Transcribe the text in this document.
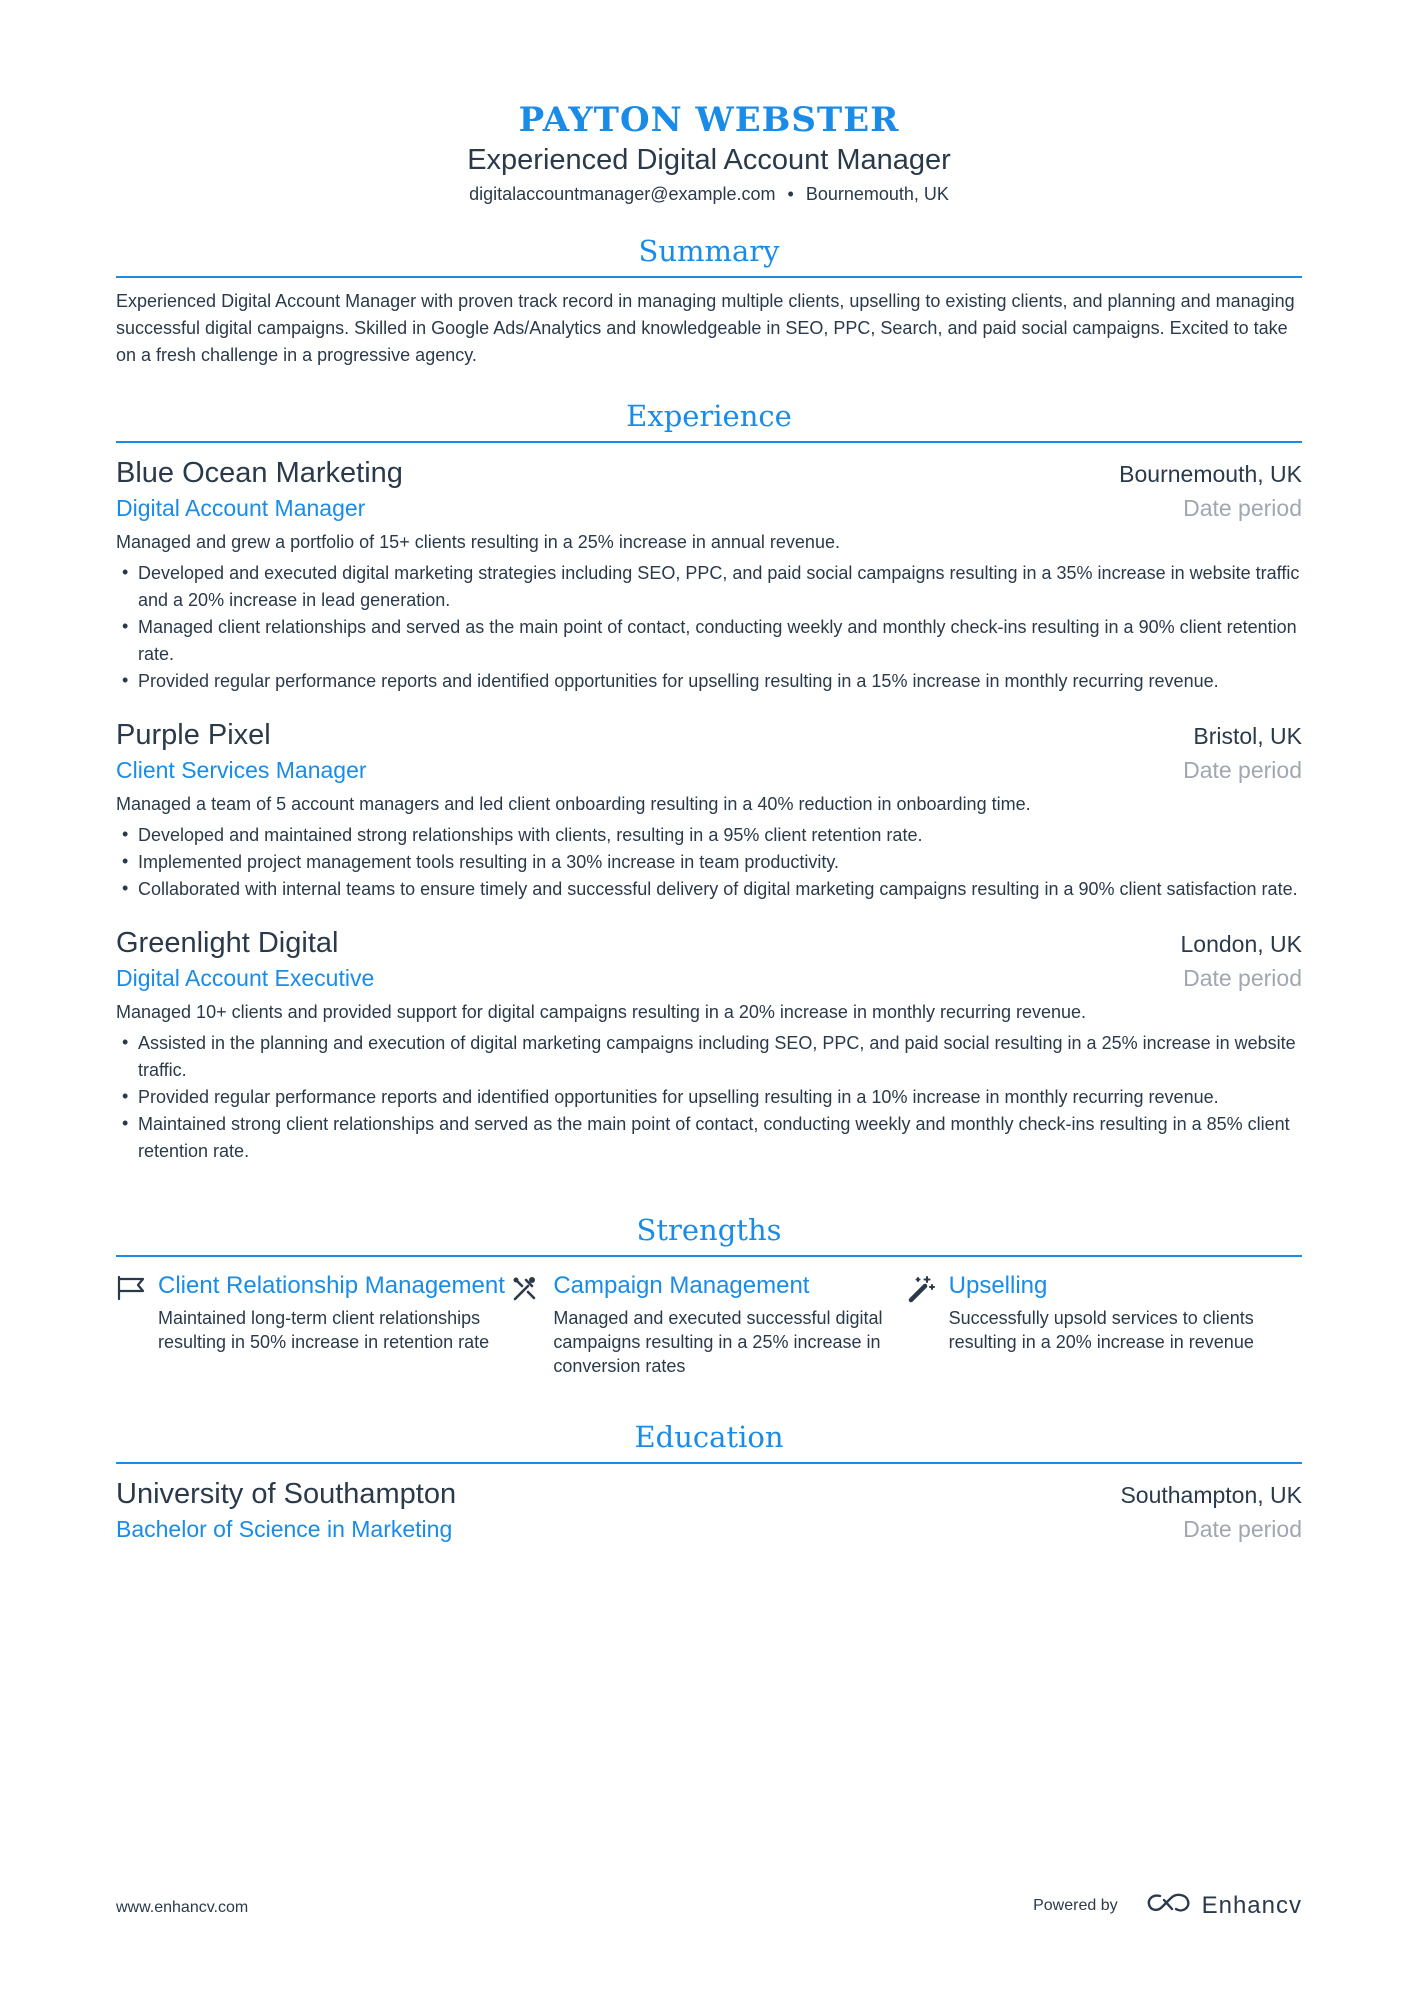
PAYTON WEBSTER
Experienced Digital Account Manager
digitalaccountmanager@example.com • Bournemouth, UK
Summary
Experienced Digital Account Manager with proven track record in managing multiple clients, upselling to existing clients, and planning and managing successful digital campaigns. Skilled in Google Ads/Analytics and knowledgeable in SEO, PPC, Search, and paid social campaigns. Excited to take on a fresh challenge in a progressive agency.
Experience
Blue Ocean Marketing	Bournemouth, UK
Digital Account Manager	Date period
Managed and grew a portfolio of 15+ clients resulting in a 25% increase in annual revenue.
• Developed and executed digital marketing strategies including SEO, PPC, and paid social campaigns resulting in a 35% increase in website traffic and a 20% increase in lead generation.
• Managed client relationships and served as the main point of contact, conducting weekly and monthly check-ins resulting in a 90% client retention rate.
• Provided regular performance reports and identified opportunities for upselling resulting in a 15% increase in monthly recurring revenue.
Purple Pixel	Bristol, UK
Client Services Manager	Date period
Managed a team of 5 account managers and led client onboarding resulting in a 40% reduction in onboarding time.
• Developed and maintained strong relationships with clients, resulting in a 95% client retention rate.
• Implemented project management tools resulting in a 30% increase in team productivity.
• Collaborated with internal teams to ensure timely and successful delivery of digital marketing campaigns resulting in a 90% client satisfaction rate.
Greenlight Digital	London, UK
Digital Account Executive	Date period
Managed 10+ clients and provided support for digital campaigns resulting in a 20% increase in monthly recurring revenue.
• Assisted in the planning and execution of digital marketing campaigns including SEO, PPC, and paid social resulting in a 25% increase in website traffic.
• Provided regular performance reports and identified opportunities for upselling resulting in a 10% increase in monthly recurring revenue.
• Maintained strong client relationships and served as the main point of contact, conducting weekly and monthly check-ins resulting in a 85% client retention rate.
Strengths
Client Relationship Management
Maintained long-term client relationships resulting in 50% increase in retention rate
Campaign Management
Managed and executed successful digital campaigns resulting in a 25% increase in conversion rates
Upselling
Successfully upsold services to clients resulting in a 20% increase in revenue
Education
University of Southampton	Southampton, UK
Bachelor of Science in Marketing	Date period
www.enhancv.com	Powered by	Enhancv
